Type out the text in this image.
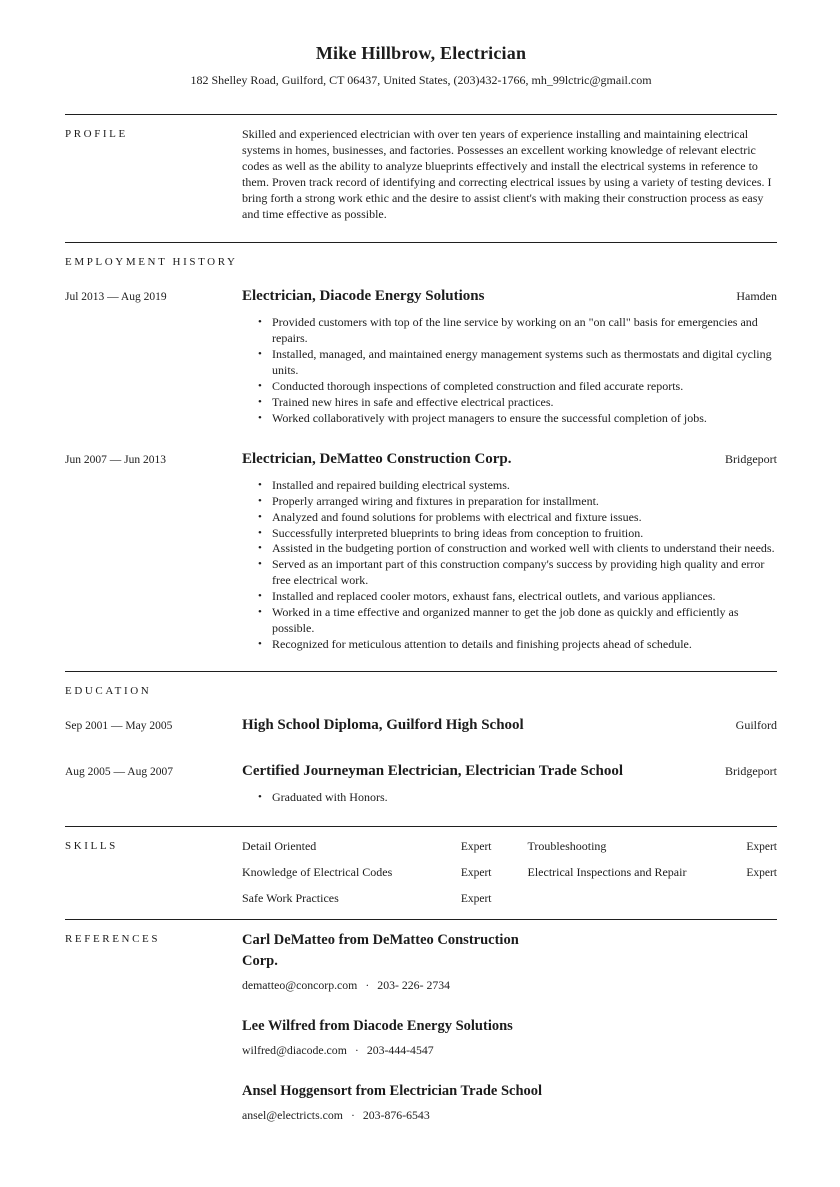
Mike Hillbrow, Electrician
182 Shelley Road, Guilford, CT 06437, United States, (203)432-1766, mh_99lctric@gmail.com
PROFILE	Skilled and experienced electrician with over ten years of experience installing and maintaining electrical systems in homes, businesses, and factories. Possesses an excellent working knowledge of relevant electric codes as well as the ability to analyze blueprints effectively and install the electrical systems in reference to them. Proven track record of identifying and correcting electrical issues by using a variety of testing devices. I bring forth a strong work ethic and the desire to assist client's with making their construction process as easy and time effective as possible.

EMPLOYMENT HISTORY
Jul 2013 — Aug 2019	Electrician, Diacode Energy Solutions	Hamden
• Provided customers with top of the line service by working on an "on call" basis for emergencies and repairs.
• Installed, managed, and maintained energy management systems such as thermostats and digital cycling units.
• Conducted thorough inspections of completed construction and filed accurate reports.
• Trained new hires in safe and effective electrical practices.
• Worked collaboratively with project managers to ensure the successful completion of jobs.
Jun 2007 — Jun 2013	Electrician, DeMatteo Construction Corp.	Bridgeport
• Installed and repaired building electrical systems.
• Properly arranged wiring and fixtures in preparation for installment.
• Analyzed and found solutions for problems with electrical and fixture issues.
• Successfully interpreted blueprints to bring ideas from conception to fruition.
• Assisted in the budgeting portion of construction and worked well with clients to understand their needs.
• Served as an important part of this construction company's success by providing high quality and error free electrical work.
• Installed and replaced cooler motors, exhaust fans, electrical outlets, and various appliances.
• Worked in a time effective and organized manner to get the job done as quickly and efficiently as possible.
• Recognized for meticulous attention to details and finishing projects ahead of schedule.
EDUCATION
Sep 2001 — May 2005	High School Diploma, Guilford High School	Guilford
Aug 2005 — Aug 2007	Certified Journeyman Electrician, Electrician Trade School	Bridgeport
• Graduated with Honors.
SKILLS	Detail Oriented	Expert	Troubleshooting	Expert
Knowledge of Electrical Codes	Expert	Electrical Inspections and Repair	Expert
Safe Work Practices	Expert
REFERENCES	Carl DeMatteo from DeMatteo Construction Corp.
dematteo@concorp.com · 203- 226- 2734
Lee Wilfred from Diacode Energy Solutions
wilfred@diacode.com · 203-444-4547
Ansel Hoggensort from Electrician Trade School
ansel@electricts.com · 203-876-6543
